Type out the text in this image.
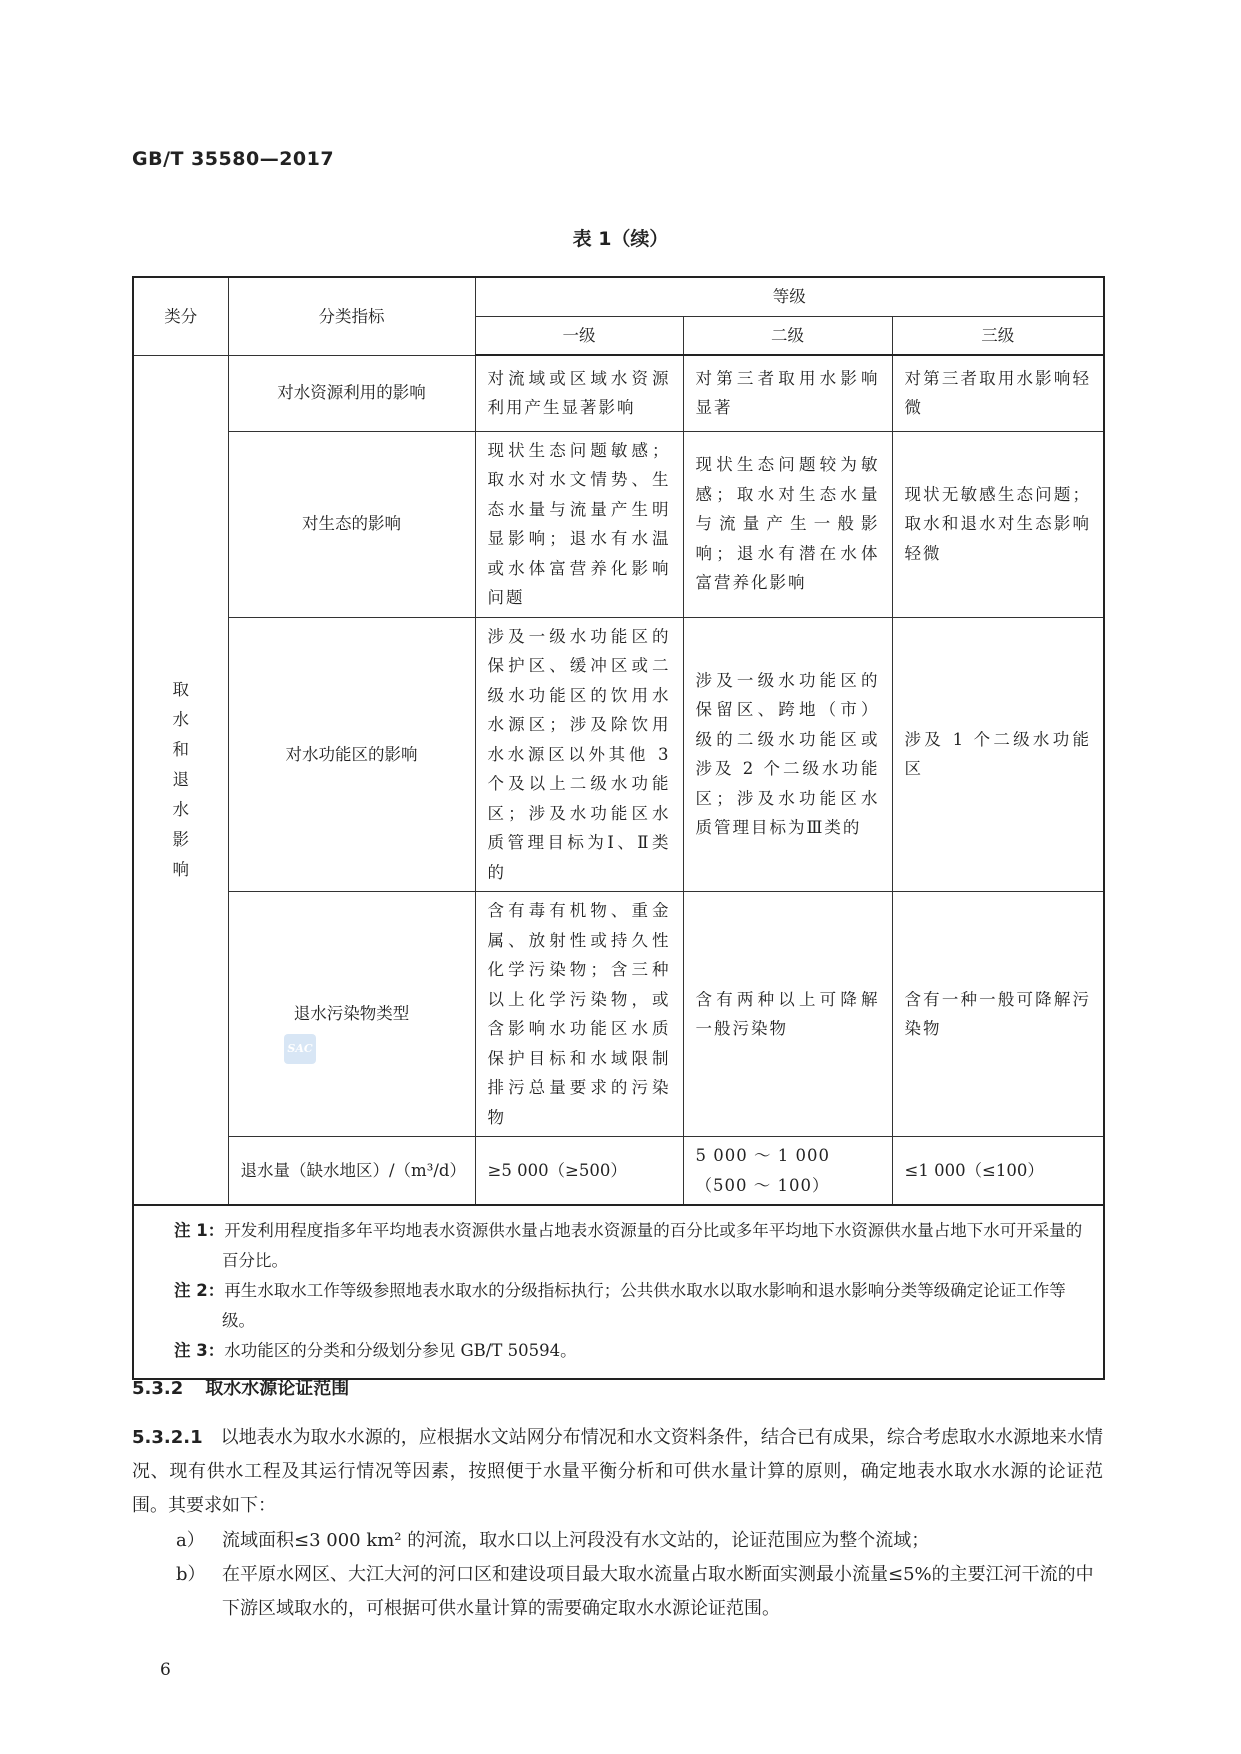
GB/T 35580—2017
表 1（续）
类分	分类指标	等级		
		一级	二级	三级

取水和退水影响	对水资源利用的影响	对流域或区域水资源利用产生显著影响	对第三者取用水影响显著	对第三者取用水影响轻微
	对生态的影响	现状生态问题敏感；取水对水文情势、生态水量与流量产生明显影响；退水有水温或水体富营养化影响问题	现状生态问题较为敏感；取水对生态水量与流量产生一般影响；退水有潜在水体富营养化影响	现状无敏感生态问题；取水和退水对生态影响轻微
	对水功能区的影响	涉及一级水功能区的保护区、缓冲区或二级水功能区的饮用水水源区；涉及除饮用水水源区以外其他 3 个及以上二级水功能区；涉及水功能区水质管理目标为Ⅰ、Ⅱ类的	涉及一级水功能区的保留区、跨地（市）级的二级水功能区或涉及 2 个二级水功能区；涉及水功能区水质管理目标为Ⅲ类的	涉及 1 个二级水功能区
	退水污染物类型	含有毒有机物、重金属、放射性或持久性化学污染物；含三种以上化学污染物，或含影响水功能区水质保护目标和水域限制排污总量要求的污染物	含有两种以上可降解一般污染物	含有一种一般可降解污染物
	退水量（缺水地区）/（m³/d）	≥5 000（≥500）	5 000 ～ 1 000（500 ～ 100）	≤1 000（≤100）

注 1：开发利用程度指多年平均地表水资源供水量占地表水资源量的百分比或多年平均地下水资源供水量占地下水可开采量的百分比。
注 2：再生水取水工作等级参照地表水取水的分级指标执行；公共供水取水以取水影响和退水影响分类等级确定论证工作等级。
注 3：水功能区的分类和分级划分参见 GB/T 50594。				
SAC
5.3.2 取水水源论证范围
5.3.2.1 以地表水为取水水源的，应根据水文站网分布情况和水文资料条件，结合已有成果，综合考虑取水水源地来水情况、现有供水工程及其运行情况等因素，按照便于水量平衡分析和可供水量计算的原则，确定地表水取水水源的论证范围。其要求如下：
a） 流域面积≤3 000 km² 的河流，取水口以上河段没有水文站的，论证范围应为整个流域；
b） 在平原水网区、大江大河的河口区和建设项目最大取水流量占取水断面实测最小流量≤5%的主要江河干流的中下游区域取水的，可根据可供水量计算的需要确定取水水源论证范围。
6
